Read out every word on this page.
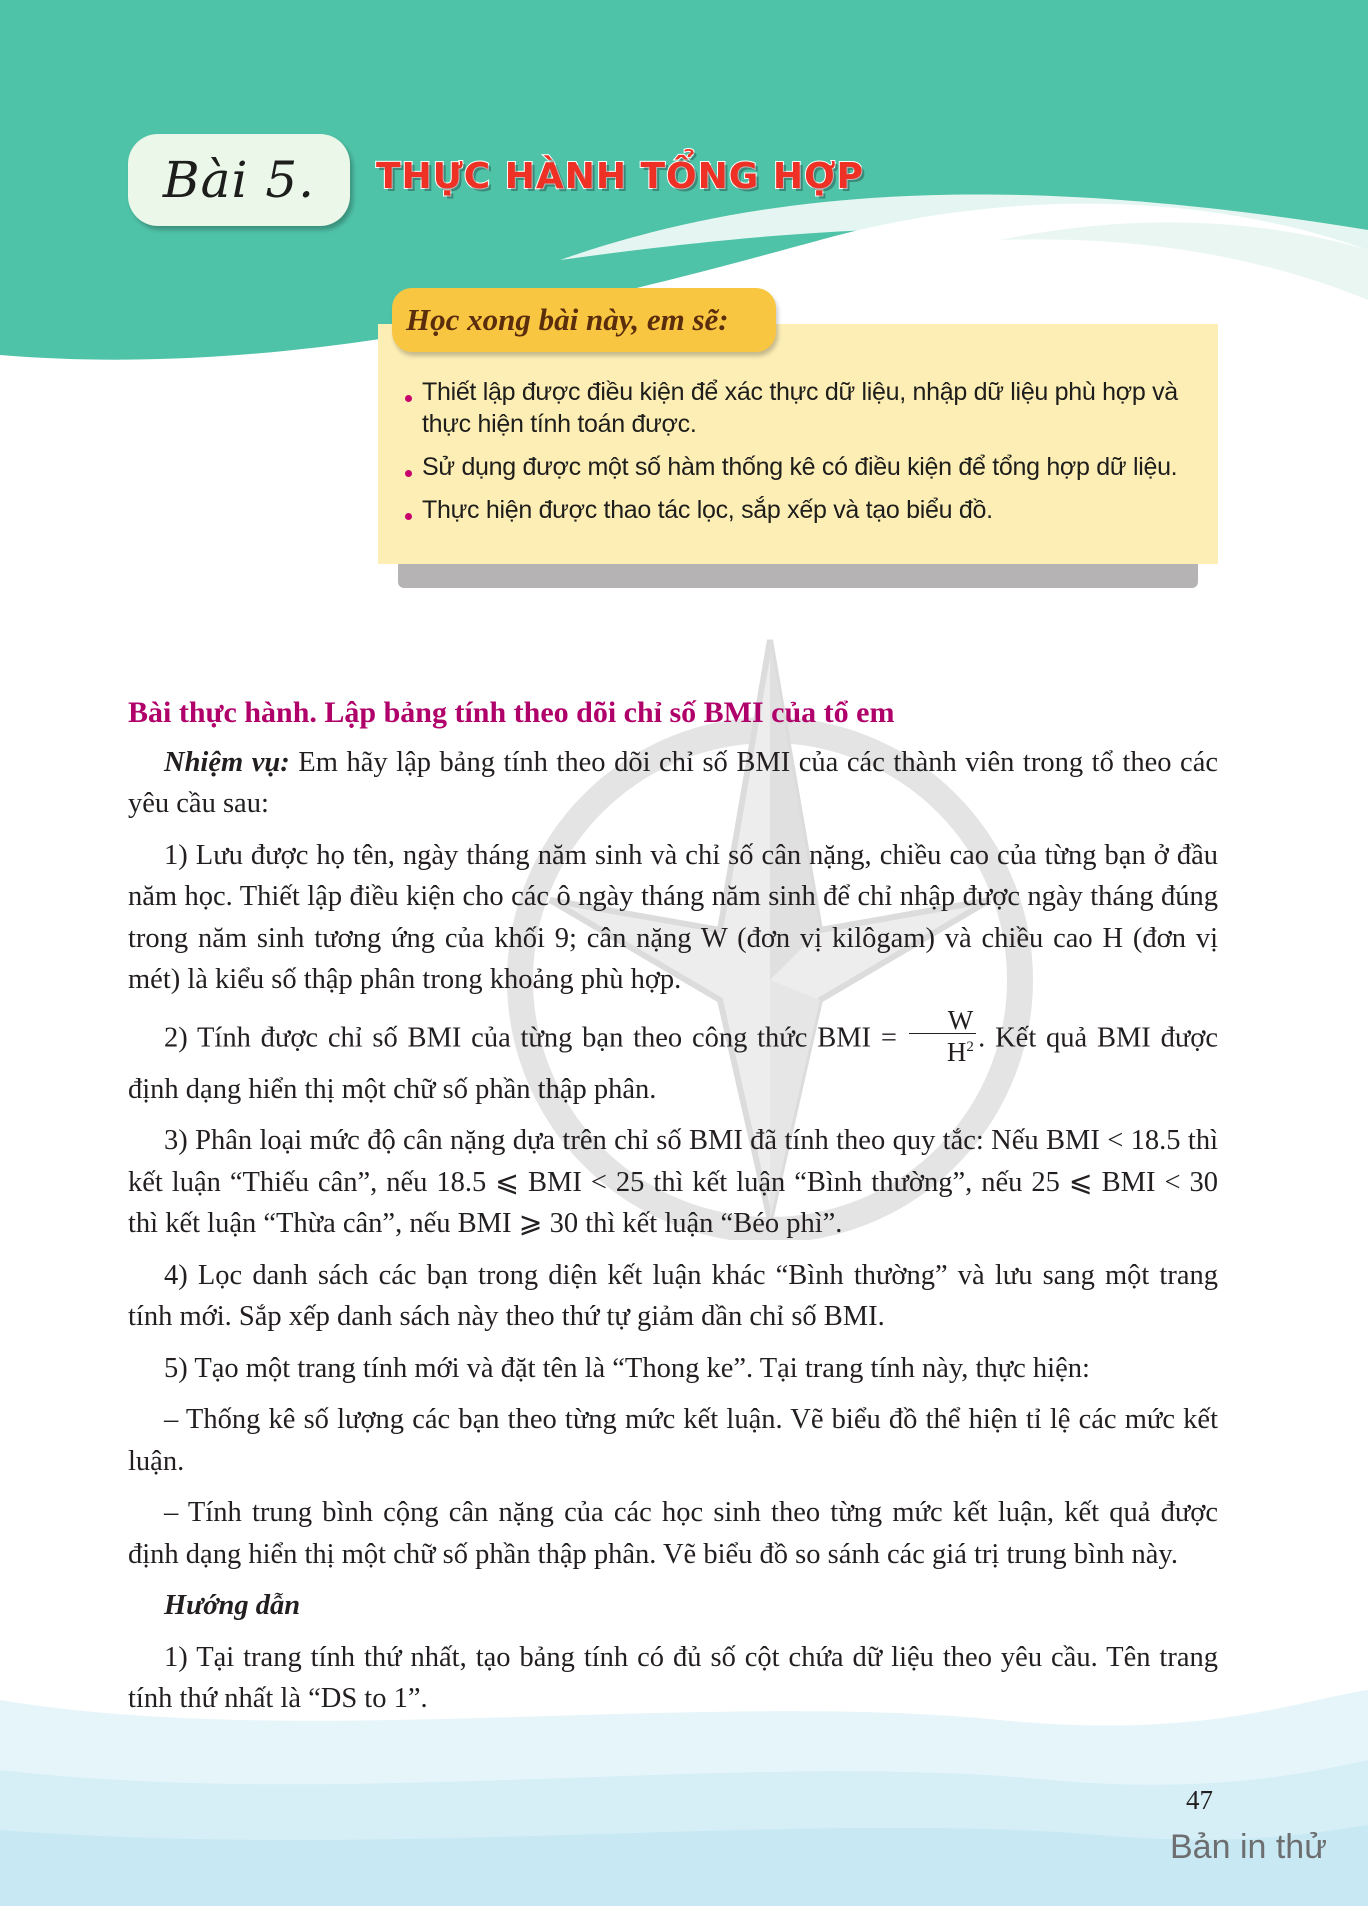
Bài 5. THỰC HÀNH TỔNG HỢP
Học xong bài này, em sẽ:
Thiết lập được điều kiện để xác thực dữ liệu, nhập dữ liệu phù hợp và thực hiện tính toán được.
Sử dụng được một số hàm thống kê có điều kiện để tổng hợp dữ liệu.
Thực hiện được thao tác lọc, sắp xếp và tạo biểu đồ.

Bài thực hành. Lập bảng tính theo dõi chỉ số BMI của tổ em

Nhiệm vụ: Em hãy lập bảng tính theo dõi chỉ số BMI của các thành viên trong tổ theo các yêu cầu sau:

1) Lưu được họ tên, ngày tháng năm sinh và chỉ số cân nặng, chiều cao của từng bạn ở đầu năm học. Thiết lập điều kiện cho các ô ngày tháng năm sinh để chỉ nhập được ngày tháng đúng trong năm sinh tương ứng của khối 9; cân nặng W (đơn vị kilôgam) và chiều cao H (đơn vị mét) là kiểu số thập phân trong khoảng phù hợp.

2) Tính được chỉ số BMI của từng bạn theo công thức BMI = $\frac{W}{H^2}$ . Kết quả BMI được định dạng hiển thị một chữ số phần thập phân.

3) Phân loại mức độ cân nặng dựa trên chỉ số BMI đã tính theo quy tắc: Nếu BMI < 18.5 thì kết luận “Thiếu cân”, nếu 18.5 ⩽ BMI < 25 thì kết luận “Bình thường”, nếu 25 ⩽ BMI < 30 thì kết luận “Thừa cân”, nếu BMI ⩾ 30 thì kết luận “Béo phì”.

4) Lọc danh sách các bạn trong diện kết luận khác “Bình thường” và lưu sang một trang tính mới. Sắp xếp danh sách này theo thứ tự giảm dần chỉ số BMI.

5) Tạo một trang tính mới và đặt tên là “Thong ke”. Tại trang tính này, thực hiện:

– Thống kê số lượng các bạn theo từng mức kết luận. Vẽ biểu đồ thể hiện tỉ lệ các mức kết luận.

– Tính trung bình cộng cân nặng của các học sinh theo từng mức kết luận, kết quả được định dạng hiển thị một chữ số phần thập phân. Vẽ biểu đồ so sánh các giá trị trung bình này.

Hướng dẫn

1) Tại trang tính thứ nhất, tạo bảng tính có đủ số cột chứa dữ liệu theo yêu cầu. Tên trang tính thứ nhất là “DS to 1”.

47
Bản in thử
